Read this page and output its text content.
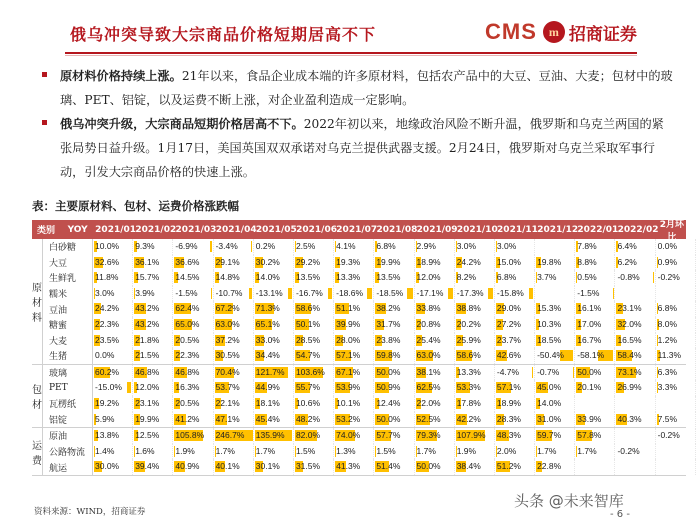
俄乌冲突导致大宗商品价格短期居高不下	CMS	m 招商证券
原材料价格持续上涨。21年以来，食品企业成本端的许多原材料，包括农产品中的大豆、豆油、大麦；包材中的玻璃、PET、铝锭，以及运费不断上涨，对企业盈利造成一定影响。
俄乌冲突升级，大宗商品短期价格居高不下。2022年初以来，地缘政治风险不断升温，俄罗斯和乌克兰两国的紧张局势日益升级。1月17日，美国英国双双承诺对乌克兰提供武器支援。2月24日，俄罗斯对乌克兰采取军事行动，引发大宗商品价格的快速上涨。
表：主要原材料、包材、运费价格涨跌幅
类别	YOY 2021/01 2021/02 2021/03 2021/04 2021/05 2021/06 2021/07 2021/08 2021/09 2021/10 2021/11 2021/12 2022/01 2022/02 2月环比
原材料
白砂糖	10.0% 9.3% -6.9% -3.4% 0.2% 2.5% 4.1% 6.8% 2.9% 3.0% 3.0%	7.8% 6.4% 0.0%
大豆	32.6% 36.1% 36.6% 29.1% 30.2% 29.2% 19.3% 19.9% 18.9% 24.2% 15.0% 19.8% 8.8% 6.2% 0.9%
生鲜乳	11.8% 15.7% 14.5% 14.8% 14.0% 13.5% 13.3% 13.5% 12.0% 8.2% 6.8% 3.7% 0.5% -0.8% -0.2%
糯米	3.0% 3.9% -1.5% -10.7% -13.1% -16.7% -18.6% -18.5% -17.1% -17.3% -15.8%	-1.5%
豆油	24.2% 43.2% 62.4% 67.2% 71.3% 58.6% 51.1% 38.2% 33.8% 38.8% 29.0% 15.3% 16.1% 23.1% 6.8%
糖蜜	22.3% 43.2% 65.0% 63.0% 65.1% 50.1% 39.9% 31.7% 20.8% 20.2% 27.2% 10.3% 17.0% 32.0% 8.0%
大麦	23.5% 21.8% 20.5% 37.2% 33.0% 28.5% 28.0% 23.8% 25.4% 25.9% 23.7% 18.5% 16.7% 16.5% 1.2%
生猪	0.0% 21.5% 22.3% 30.5% 34.4% 54.7% 57.1% 59.8% 63.0% 58.6% 42.6% -50.4% -58.1% 58.4% 11.3%
包材
玻璃	60.2% 46.8% 46.8% 70.4% 121.7% 103.6% 67.1% 50.0% 38.1% 13.3% -4.7% -0.7% 50.0% 73.1% 6.3%
PET	-15.0% 12.0% 16.3% 53.7% 44.9% 55.7% 53.9% 50.9% 62.5% 53.3% 57.1% 45.0% 20.1% 26.9% 3.3%
瓦楞纸	19.2% 23.1% 20.5% 22.1% 18.1% 10.6% 10.1% 12.4% 22.0% 17.8% 18.9% 14.0%
铝锭	5.9% 19.9% 41.2% 47.1% 45.4% 48.2% 53.2% 50.0% 52.5% 42.2% 28.3% 31.0% 33.9% 40.3% 7.5%
运费
原油	13.8% 12.5% 105.8% 246.7% 135.9% 82.0% 74.0% 57.7% 79.3% 107.9% 48.3% 59.7% 57.8%	-0.2%
公路物流	1.4% 1.6% 1.9% 1.7% 1.7% 1.5% 1.3% 1.5% 1.7% 1.9% 2.0% 1.7% 1.7% -0.2%
航运	30.0% 39.4% 40.9% 40.1% 30.1% 31.5% 41.3% 51.4% 50.0% 38.4% 51.2% 22.8%
资料来源：WIND，招商证券
头条 @未来智库
- 6 -
